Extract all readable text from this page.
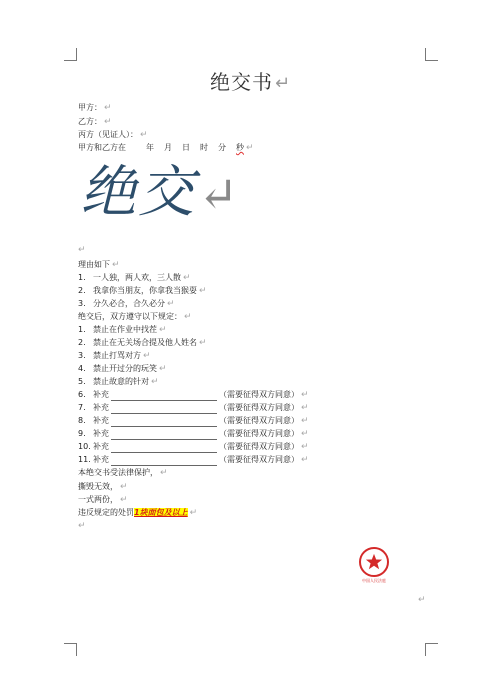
绝交书 ↵
甲方： ↵
乙方： ↵
丙方（见证人）： ↵
甲方和乙方在	年 月 日 时 分 秒 ↵
绝交↵
↵
理由如下 ↵
1. 一人独，两人欢，三人散 ↵
2. 我拿你当朋友，你拿我当猴耍 ↵
3. 分久必合，合久必分 ↵
绝交后，双方遵守以下规定： ↵
1. 禁止在作业中找茬 ↵
2. 禁止在无关场合提及他人姓名 ↵
3. 禁止打骂对方 ↵
4. 禁止开过分的玩笑 ↵
5. 禁止故意的针对 ↵
6. 补充	（需要征得双方同意） ↵
7. 补充	（需要征得双方同意） ↵
8. 补充	（需要征得双方同意） ↵
9. 补充	（需要征得双方同意） ↵
10. 补充	（需要征得双方同意） ↵
11. 补充	（需要征得双方同意） ↵
本绝交书受法律保护， ↵
撕毁无效， ↵
一式两份， ↵
违反规定的处罚1块面包及以上 ↵
↵
中国人民法庭
↵
